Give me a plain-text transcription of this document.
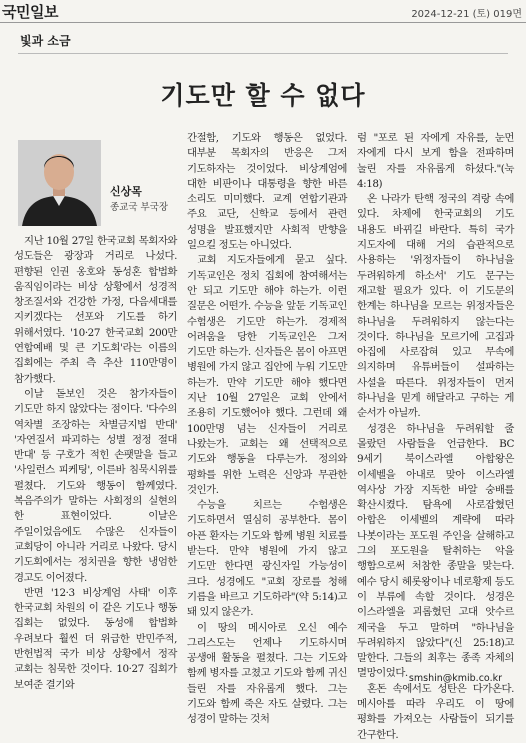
국민일보	2024-12-21 (토) 019면
빛과 소금
기도만 할 수 없다
신상목
종교국 부국장

지난 10월 27일 한국교회 목회자와 성도들은 광장과 거리로 나섰다. 편향된 인권 옹호와 동성혼 합법화 움직임이라는 비상 상황에서 성경적 창조질서와 건강한 가정, 다음세대를 지키겠다는 선포와 기도를 하기 위해서였다. '10·27 한국교회 200만 연합예배 및 큰 기도회'라는 이름의 집회에는 주최 측 추산 110만명이 참가했다.

이날 돋보인 것은 참가자들이 기도만 하지 않았다는 점이다. '다수의 역차별 조장하는 차별금지법 반대' '자연질서 파괴하는 성별 정정 절대 반대' 등 구호가 적힌 손팻말을 들고 '사일런스 피케팅', 이른바 침묵시위를 펼쳤다. 기도와 행동이 함께였다. 복음주의가 말하는 사회정의 실현의 한 표현이었다. 이날은 주일이었음에도 수많은 신자들이 교회당이 아니라 거리로 나왔다. 당시 기도회에서는 정치권을 향한 냉엄한 경고도 이어졌다.

반면 '12·3 비상계엄 사태' 이후 한국교회 차원의 이 같은 기도나 행동 집회는 없었다. 동성애 합법화 우려보다 훨씬 더 위급한 반민주적, 반헌법적 국가 비상 상황에서 정작 교회는 침묵한 것이다. 10·27 집회가 보여준 결기와

간절함, 기도와 행동은 없었다. 대부분 목회자의 반응은 그저 기도하자는 것이었다. 비상계엄에 대한 비판이나 대통령을 향한 바른 소리도 미미했다. 교계 연합기관과 주요 교단, 신학교 등에서 관련 성명을 발표했지만 사회적 반향을 일으킬 정도는 아니었다.

교회 지도자들에게 묻고 싶다. 기독교인은 정치 집회에 참여해서는 안 되고 기도만 해야 하는가. 이런 질문은 어떤가. 수능을 앞둔 기독교인 수험생은 기도만 하는가. 경제적 어려움을 당한 기독교인은 그저 기도만 하는가. 신자들은 몸이 아프면 병원에 가지 않고 집안에 누워 기도만 하는가. 만약 기도만 해야 했다면 지난 10월 27일은 교회 안에서 조용히 기도했어야 했다. 그런데 왜 100만명 넘는 신자들이 거리로 나왔는가. 교회는 왜 선택적으로 기도와 행동을 다루는가. 정의와 평화를 위한 노력은 신앙과 무관한 것인가.

수능을 치르는 수험생은 기도하면서 열심히 공부한다. 몸이 아픈 환자는 기도와 함께 병원 치료를 받는다. 만약 병원에 가지 않고 기도만 한다면 광신자일 가능성이 크다. 성경에도 "교회 장로를 청해 기름을 바르고 기도하라"(약 5:14)고 돼 있지 않은가.

이 땅의 메시아로 오신 예수 그리스도는 언제나 기도하시며 공생애 활동을 펼쳤다. 그는 기도와 함께 병자를 고쳤고 기도와 함께 귀신 들린 자를 자유롭게 했다. 그는 기도와 함께 죽은 자도 살렸다. 그는 성경이 말하는 것처

럼 "포로 된 자에게 자유를, 눈먼 자에게 다시 보게 함을 전파하며 눌린 자를 자유롭게 하셨다."(눅 4:18)

온 나라가 탄핵 정국의 격랑 속에 있다. 차제에 한국교회의 기도 내용도 바뀌길 바란다. 특히 국가 지도자에 대해 거의 습관적으로 사용하는 '위정자들이 하나님을 두려워하게 하소서' 기도 문구는 재고할 필요가 있다. 이 기도문의 한계는 하나님을 모르는 위정자들은 하나님을 두려워하지 않는다는 것이다. 하나님을 모르기에 고집과 아집에 사로잡혀 있고 무속에 의지하며 유튜버들이 설파하는 사설을 따른다. 위정자들이 먼저 하나님을 믿게 해달라고 구하는 게 순서가 아닐까.

성경은 하나님을 두려워할 줄 몰랐던 사람들을 언급한다. BC 9세기 북이스라엘 아합왕은 이세벨을 아내로 맞아 이스라엘 역사상 가장 지독한 바알 숭배를 확산시켰다. 탐욕에 사로잡혔던 아합은 이세벨의 계략에 따라 나봇이라는 포도원 주인을 살해하고 그의 포도원을 탈취하는 악을 행함으로써 처참한 종말을 맞는다. 예수 당시 헤롯왕이나 네로황제 등도 이 부류에 속할 것이다. 성경은 이스라엘을 괴롭혔던 고대 앗수르 제국을 두고 말하며 "하나님을 두려워하지 않았다"(신 25:18)고 말한다. 그들의 최후는 종족 자체의 멸망이었다.

혼돈 속에서도 성탄은 다가온다. 메시아를 따라 우리도 이 땅에 평화를 가져오는 사람들이 되기를 간구한다.

smshin@kmib.co.kr
